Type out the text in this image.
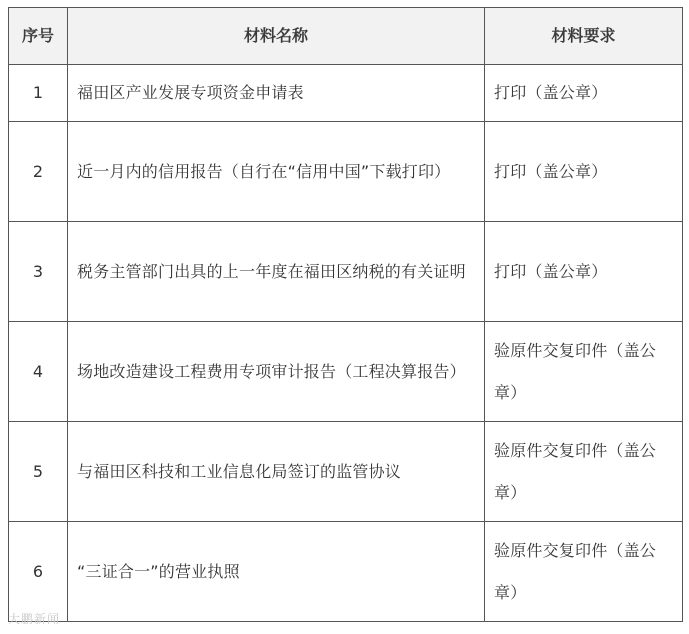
序号	材料名称	材料要求
1	福田区产业发展专项资金申请表	打印（盖公章）
2	近一月内的信用报告（自行在“信用中国”下载打印）	打印（盖公章）
3	税务主管部门出具的上一年度在福田区纳税的有关证明	打印（盖公章）
4	场地改造建设工程费用专项审计报告（工程决算报告）	验原件交复印件（盖公章）
5	与福田区科技和工业信息化局签订的监管协议	验原件交复印件（盖公章）
6	“三证合一”的营业执照	验原件交复印件（盖公章）
大鹏新闻
